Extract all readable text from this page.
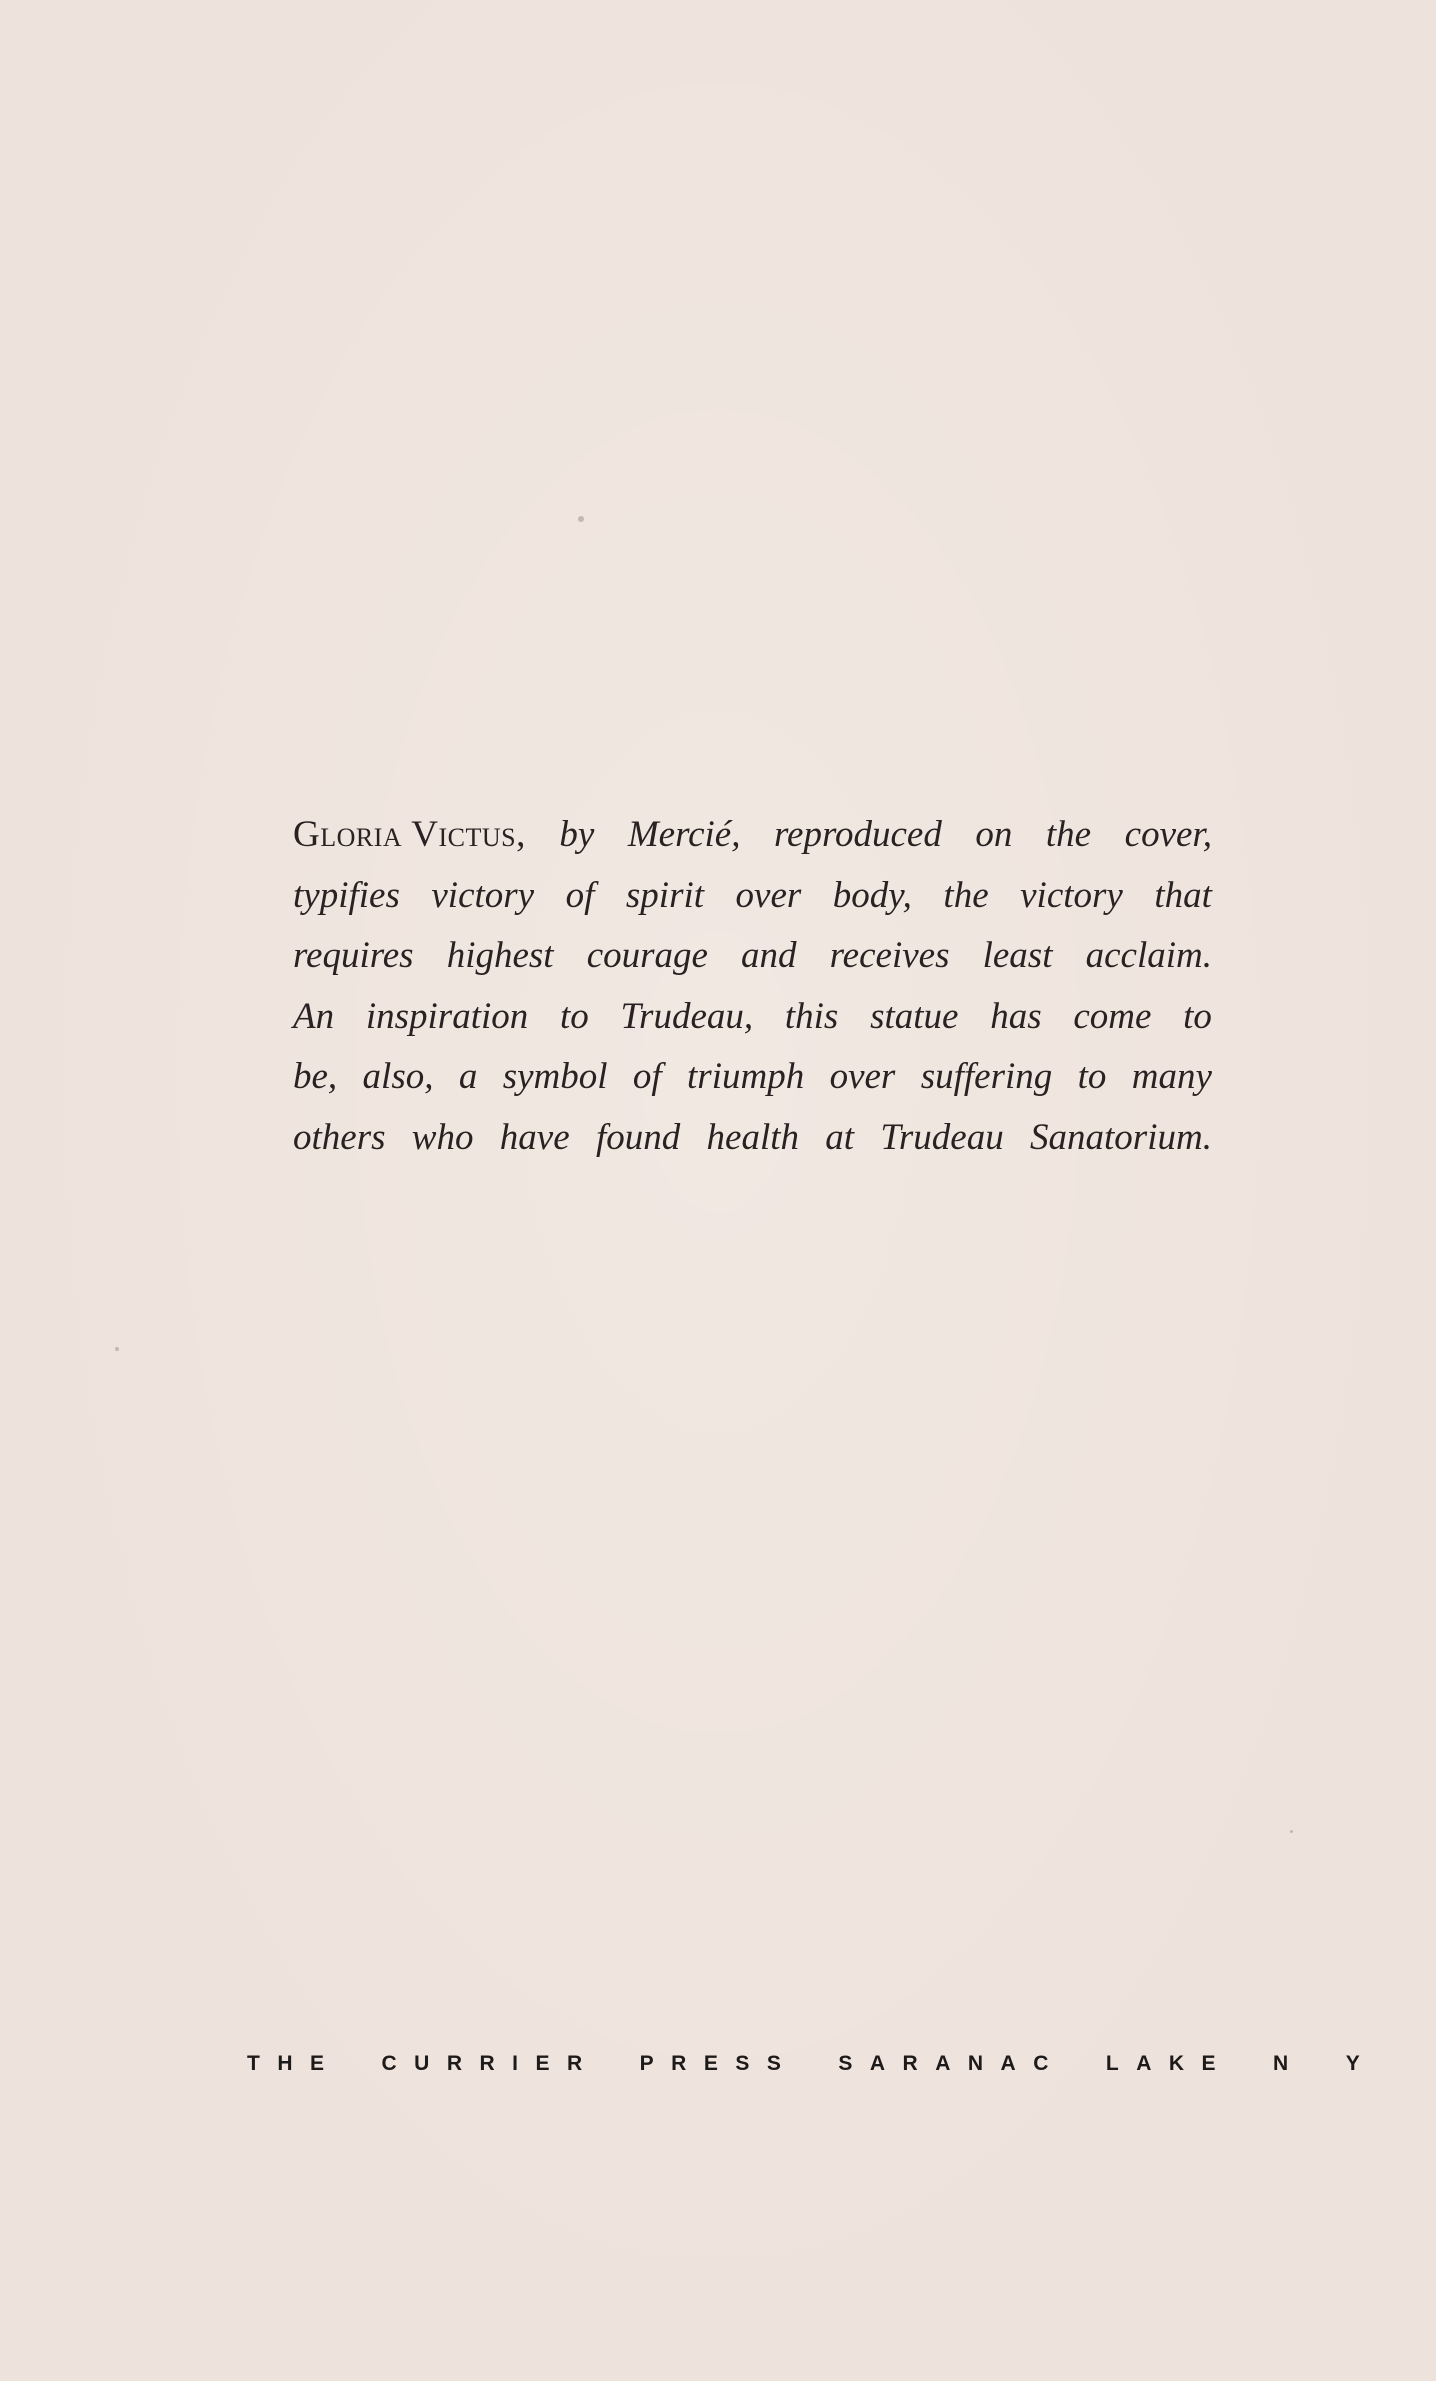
Gloria Victus, by Mercié, reproduced on the cover,
typifies victory of spirit over body, the victory that
requires highest courage and receives least acclaim.
An inspiration to Trudeau, this statue has come to
be, also, a symbol of triumph over suffering to many
others who have found health at Trudeau Sanatorium.
THE CURRIER PRESS SARANAC LAKE N Y
